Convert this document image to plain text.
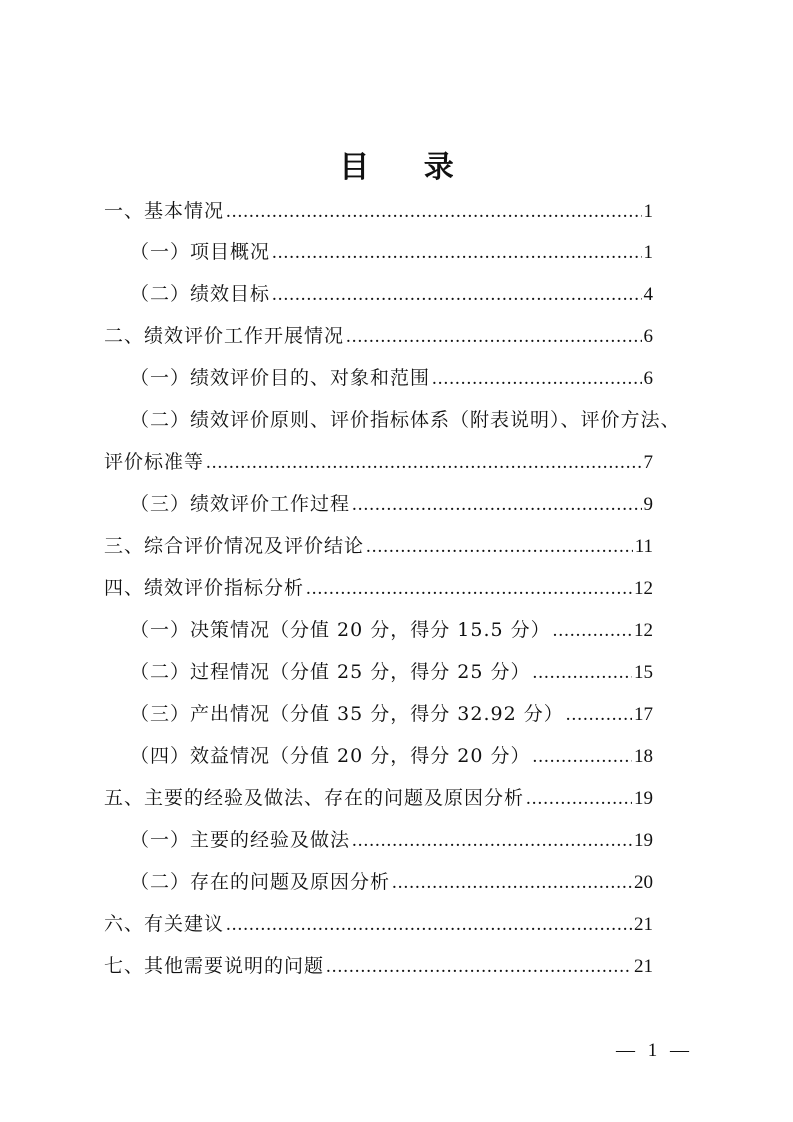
目 录
一、基本情况 .....	1
（一）项目概况 .....	1
（二）绩效目标 .....	4
二、绩效评价工作开展情况 .....	6
（一）绩效评价目的、对象和范围 .....	6
（二）绩效评价原则、评价指标体系（附表说明）、评价方法、
评价标准等 .....	7
（三）绩效评价工作过程 .....	9
三、综合评价情况及评价结论 .....	11
四、绩效评价指标分析 .....	12
（一）决策情况（分值 20 分，得分 15.5 分） .....	12
（二）过程情况（分值 25 分，得分 25 分） .....	15
（三）产出情况（分值 35 分，得分 32.92 分） .....	17
（四）效益情况（分值 20 分，得分 20 分） .....	18
五、主要的经验及做法、存在的问题及原因分析 .....	19
（一）主要的经验及做法 .....	19
（二）存在的问题及原因分析 .....	20
六、有关建议 .....	21
七、其他需要说明的问题 .....	21
— 1 —
